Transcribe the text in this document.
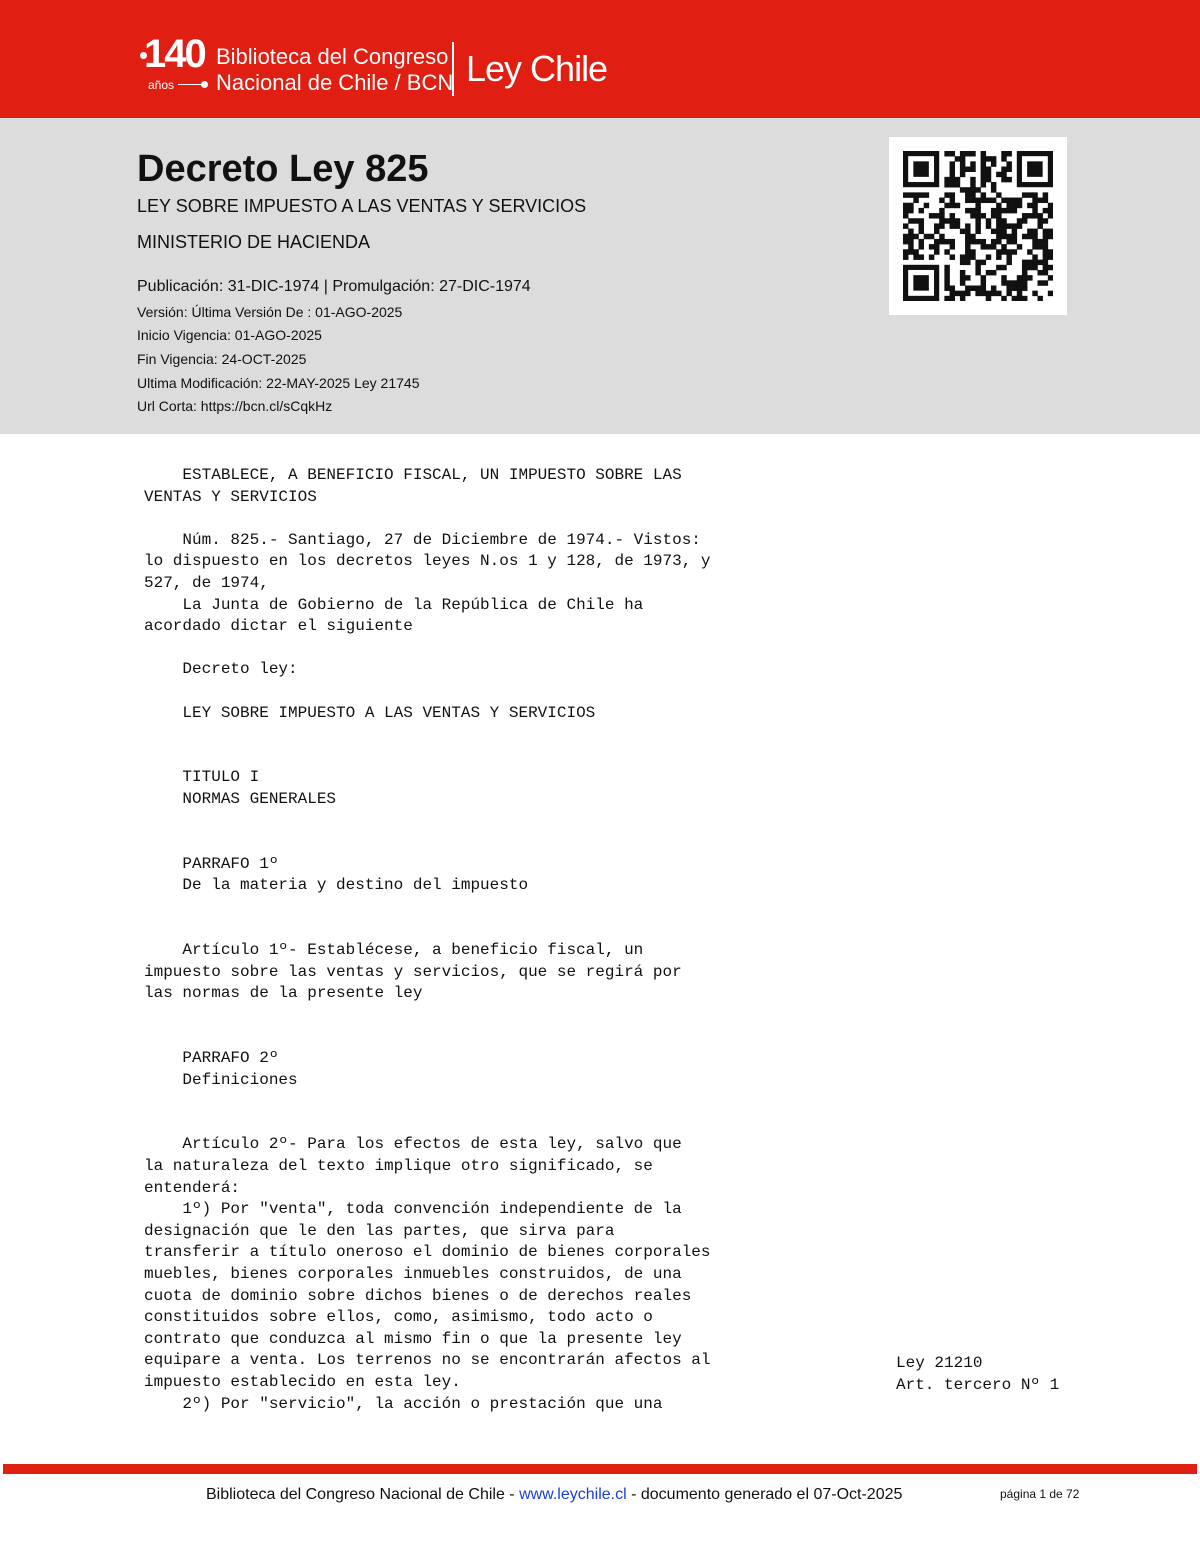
140
años
Biblioteca del Congreso
Nacional de Chile / BCN Ley Chile
Decreto Ley 825
LEY SOBRE IMPUESTO A LAS VENTAS Y SERVICIOS
MINISTERIO DE HACIENDA
Publicación: 31-DIC-1974 | Promulgación: 27-DIC-1974
Versión: Última Versión De : 01-AGO-2025
Inicio Vigencia: 01-AGO-2025
Fin Vigencia: 24-OCT-2025
Ultima Modificación: 22-MAY-2025 Ley 21745
Url Corta: https://bcn.cl/sCqkHz
ESTABLECE, A BENEFICIO FISCAL, UN IMPUESTO SOBRE LAS
VENTAS Y SERVICIOS

Núm. 825.- Santiago, 27 de Diciembre de 1974.- Vistos:
lo dispuesto en los decretos leyes N.os 1 y 128, de 1973, y
527, de 1974,
La Junta de Gobierno de la República de Chile ha
acordado dictar el siguiente

Decreto ley:

LEY SOBRE IMPUESTO A LAS VENTAS Y SERVICIOS

TITULO I
NORMAS GENERALES

PARRAFO 1º
De la materia y destino del impuesto

Artículo 1º- Establécese, a beneficio fiscal, un
impuesto sobre las ventas y servicios, que se regirá por
las normas de la presente ley

PARRAFO 2º
Definiciones

Artículo 2º- Para los efectos de esta ley, salvo que
la naturaleza del texto implique otro significado, se
entenderá:
1º) Por "venta", toda convención independiente de la
designación que le den las partes, que sirva para
transferir a título oneroso el dominio de bienes corporales
muebles, bienes corporales inmuebles construidos, de una
cuota de dominio sobre dichos bienes o de derechos reales
constituidos sobre ellos, como, asimismo, todo acto o
contrato que conduzca al mismo fin o que la presente ley
equipare a venta. Los terrenos no se encontrarán afectos al
impuesto establecido en esta ley.
2º) Por "servicio", la acción o prestación que una
Ley 21210
Art. tercero Nº 1
Biblioteca del Congreso Nacional de Chile - www.leychile.cl - documento generado el 07-Oct-2025	página 1 de 72
